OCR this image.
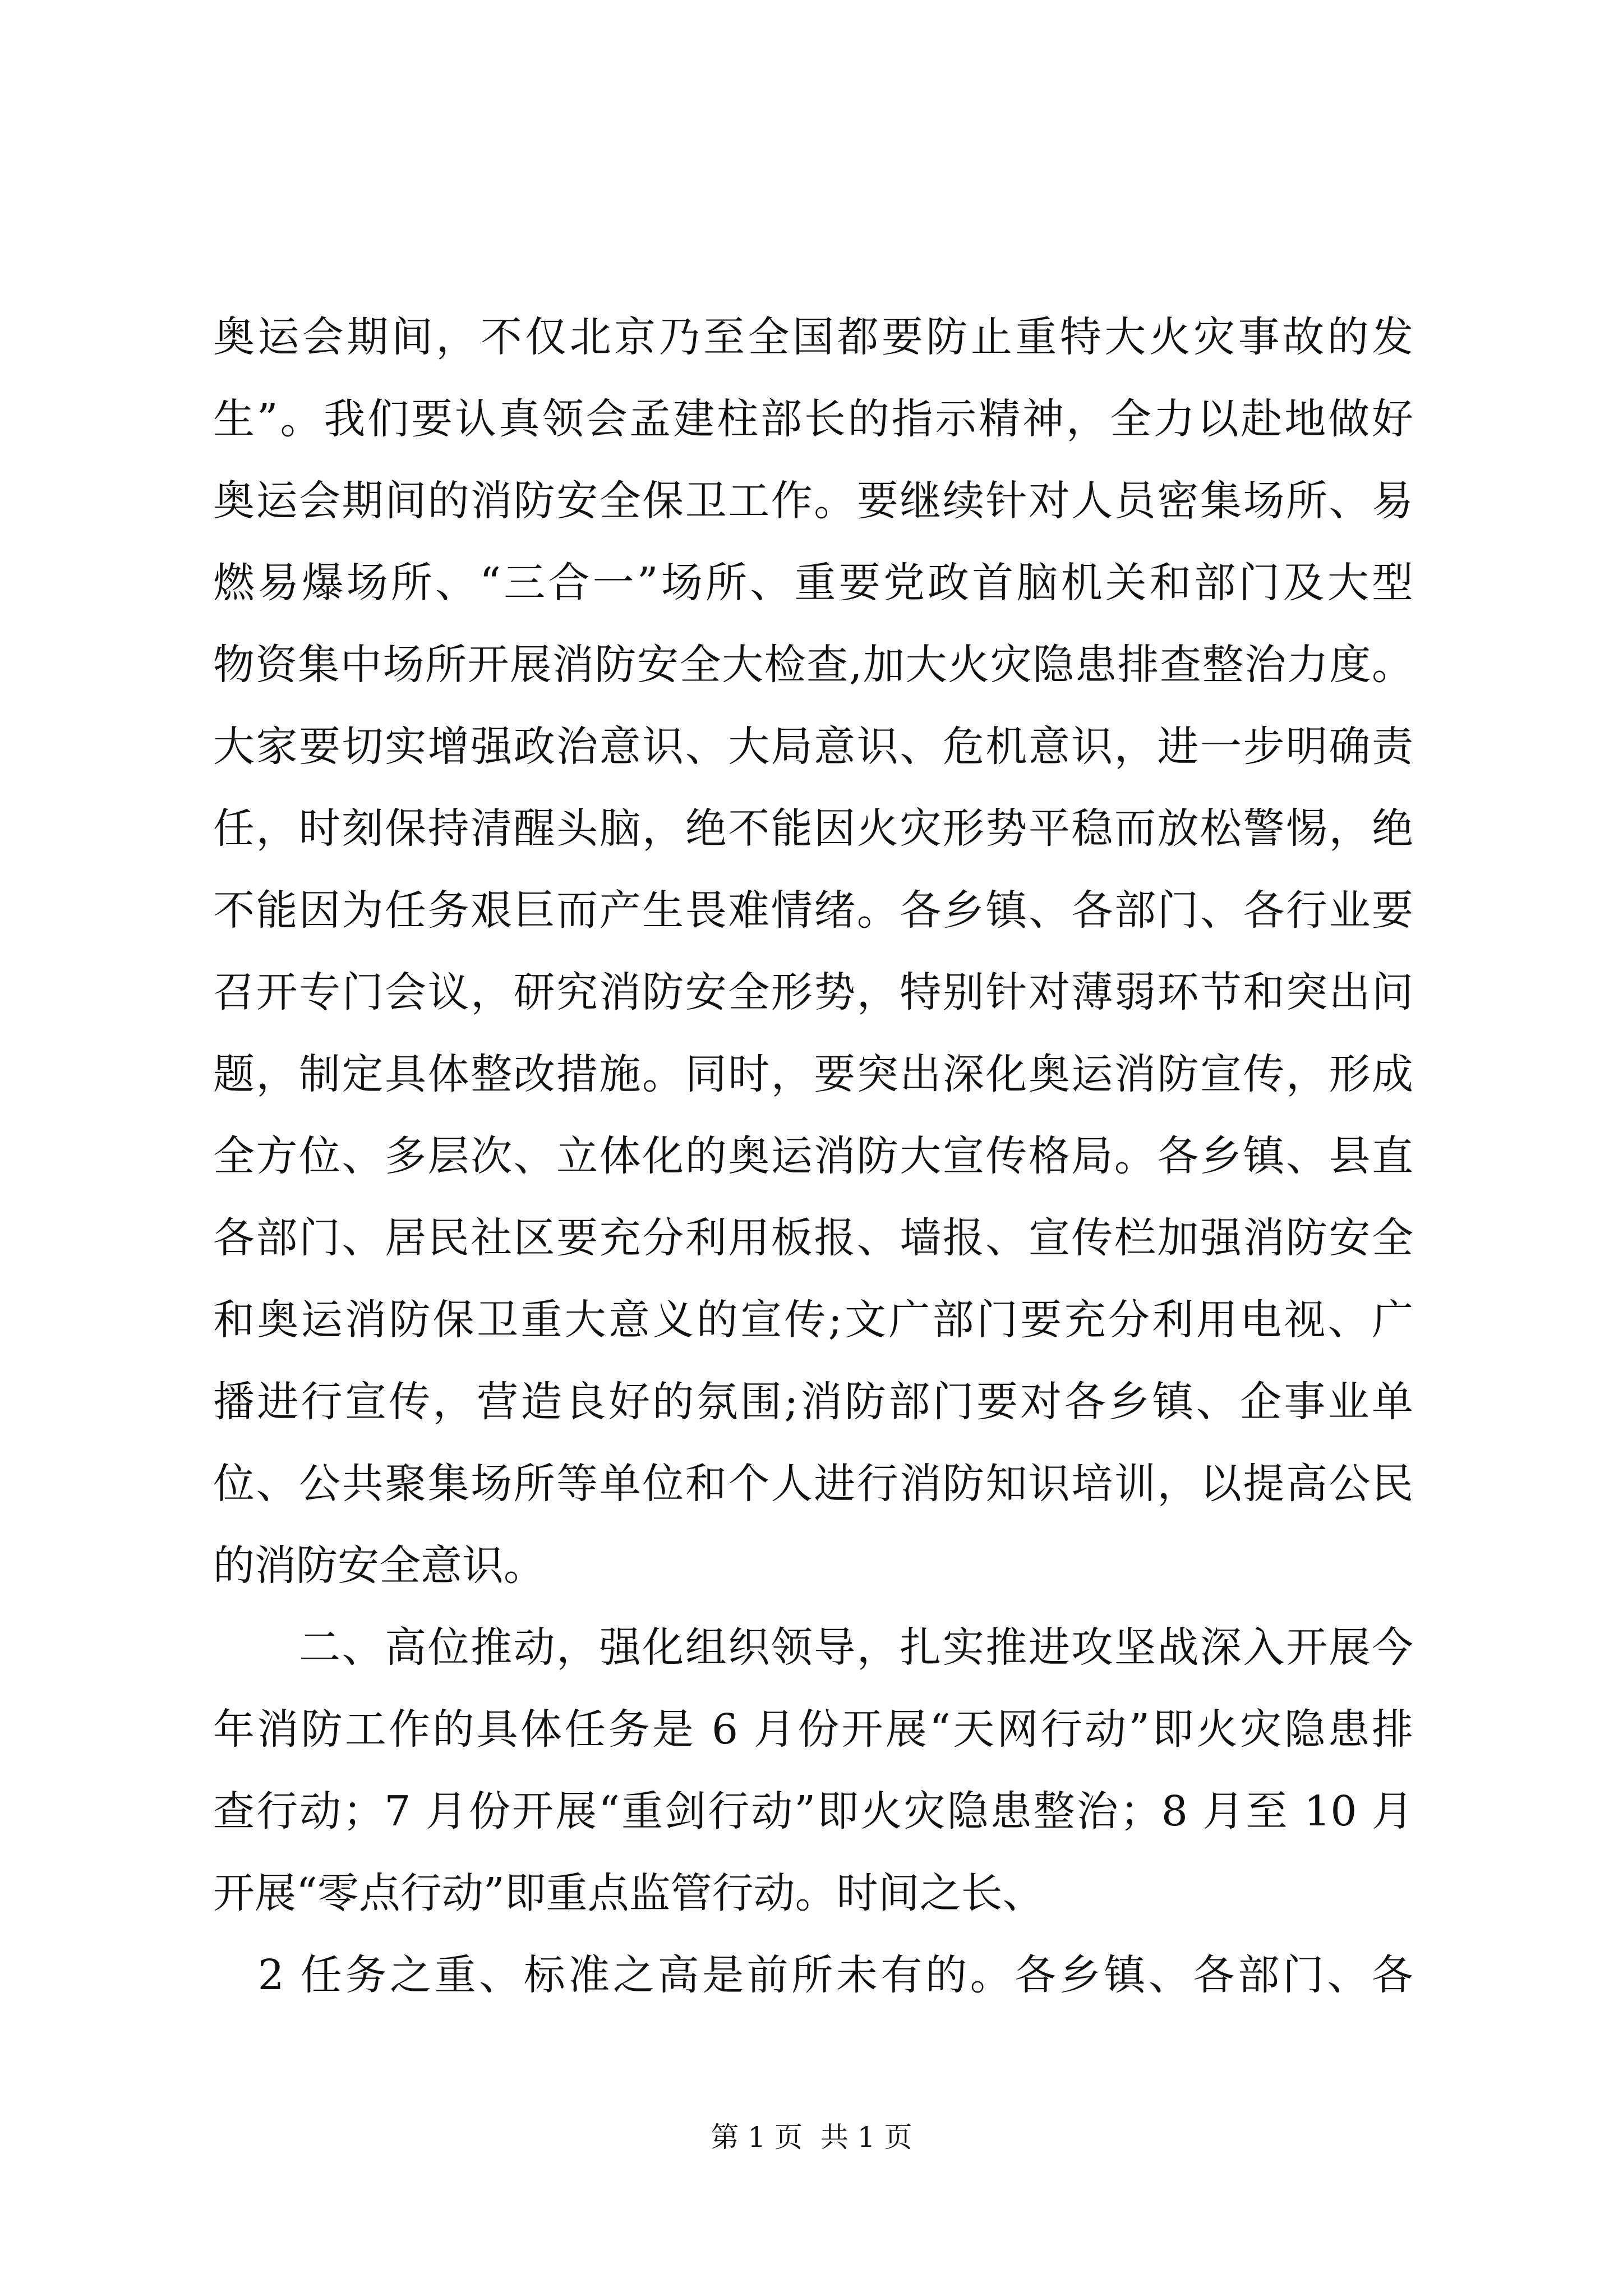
奥运会期间，不仅北京乃至全国都要防止重特大火灾事故的发
生”。我们要认真领会孟建柱部长的指示精神，全力以赴地做好
奥运会期间的消防安全保卫工作。要继续针对人员密集场所、易
燃易爆场所、“三合一”场所、重要党政首脑机关和部门及大型
物资集中场所开展消防安全大检查,加大火灾隐患排查整治力度。
大家要切实增强政治意识、大局意识、危机意识，进一步明确责
任，时刻保持清醒头脑，绝不能因火灾形势平稳而放松警惕，绝
不能因为任务艰巨而产生畏难情绪。各乡镇、各部门、各行业要
召开专门会议，研究消防安全形势，特别针对薄弱环节和突出问
题，制定具体整改措施。同时，要突出深化奥运消防宣传，形成
全方位、多层次、立体化的奥运消防大宣传格局。各乡镇、县直
各部门、居民社区要充分利用板报、墙报、宣传栏加强消防安全
和奥运消防保卫重大意义的宣传;文广部门要充分利用电视、广
播进行宣传，营造良好的氛围;消防部门要对各乡镇、企事业单
位、公共聚集场所等单位和个人进行消防知识培训，以提高公民
的消防安全意识。
　　二、高位推动，强化组织领导，扎实推进攻坚战深入开展今
年消防工作的具体任务是 6 月份开展“天网行动”即火灾隐患排
查行动；7 月份开展“重剑行动”即火灾隐患整治；8 月至 10 月
开展“零点行动”即重点监管行动。时间之长、
　2 任务之重、标准之高是前所未有的。各乡镇、各部门、各
第 1 页  共 1 页
